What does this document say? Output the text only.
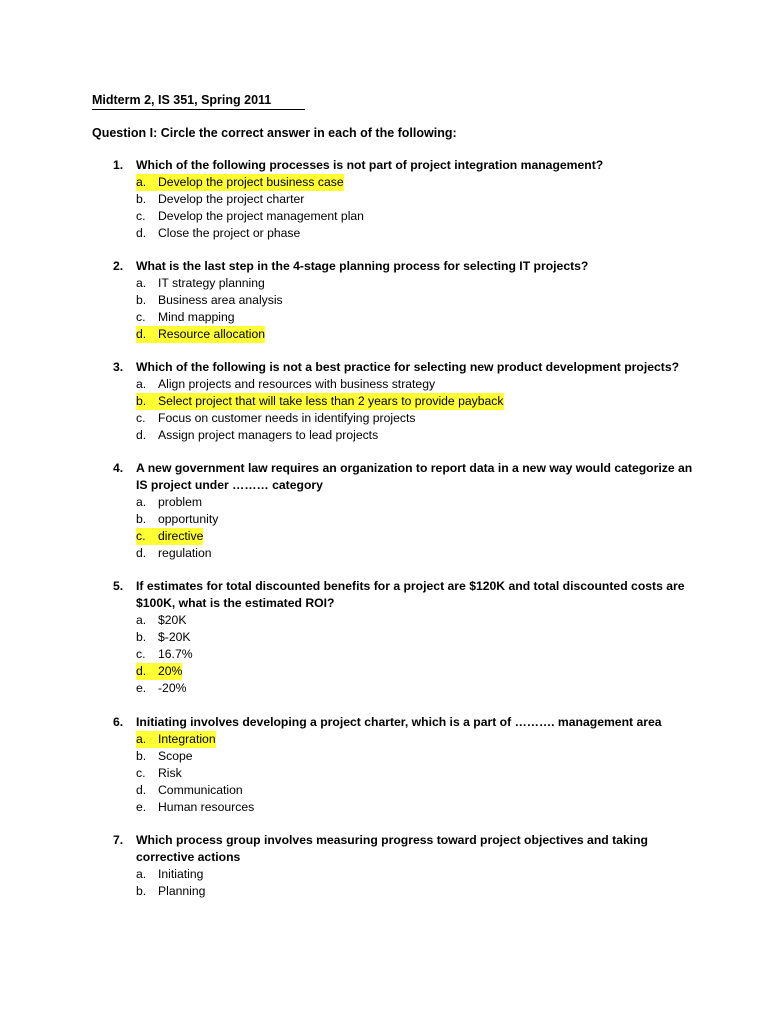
Midterm 2, IS 351, Spring 2011
Question I: Circle the correct answer in each of the following:
1.	Which of the following processes is not part of project integration management?
a. Develop the project business case
b. Develop the project charter
c.	Develop the project management plan
d. Close the project or phase
2.	What is the last step in the 4-stage planning process for selecting IT projects?
a. IT strategy planning
b. Business area analysis
c.	Mind mapping
d. Resource allocation
3.	Which of the following is not a best practice for selecting new product development projects?
a. Align projects and resources with business strategy
b. Select project that will take less than 2 years to provide payback
c.	Focus on customer needs in identifying projects
d. Assign project managers to lead projects
4.	A new government law requires an organization to report data in a new way would categorize an IS project under ……… category
a. problem
b. opportunity
c.	directive
d. regulation
5.	If estimates for total discounted benefits for a project are $120K and total discounted costs are $100K, what is the estimated ROI?
a. $20K
b. $-20K
c.	16.7%
d. 20%
e. -20%
6.	Initiating involves developing a project charter, which is a part of ………. management area
a. Integration
b. Scope
c.	Risk
d. Communication
e. Human resources
7.	Which process group involves measuring progress toward project objectives and taking corrective actions
a. Initiating
b. Planning
